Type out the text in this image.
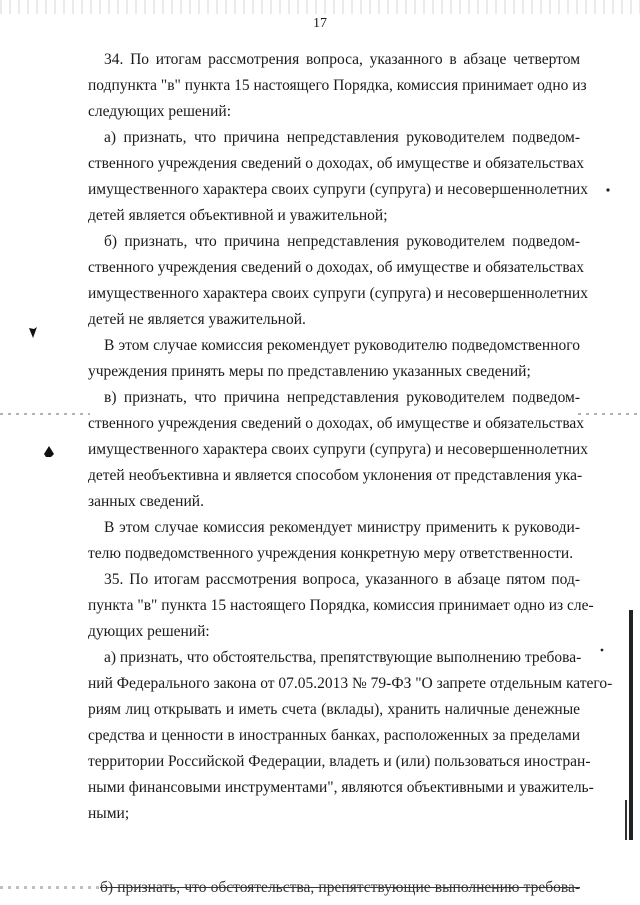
17
34. По итогам рассмотрения вопроса, указанного в абзаце четвертом
подпункта "в" пункта 15 настоящего Порядка, комиссия принимает одно из
следующих решений:
а) признать, что причина непредставления руководителем подведом-
ственного учреждения сведений о доходах, об имуществе и обязательствах
имущественного характера своих супруги (супруга) и несовершеннолетних
детей является объективной и уважительной;
б) признать, что причина непредставления руководителем подведом-
ственного учреждения сведений о доходах, об имуществе и обязательствах
имущественного характера своих супруги (супруга) и несовершеннолетних
детей не является уважительной.
В этом случае комиссия рекомендует руководителю подведомственного
учреждения принять меры по представлению указанных сведений;
в) признать, что причина непредставления руководителем подведом-
ственного учреждения сведений о доходах, об имуществе и обязательствах
имущественного характера своих супруги (супруга) и несовершеннолетних
детей необъективна и является способом уклонения от представления ука-
занных сведений.
В этом случае комиссия рекомендует министру применить к руководи-
телю подведомственного учреждения конкретную меру ответственности.
35. По итогам рассмотрения вопроса, указанного в абзаце пятом под-
пункта "в" пункта 15 настоящего Порядка, комиссия принимает одно из сле-
дующих решений:
а) признать, что обстоятельства, препятствующие выполнению требова-
ний Федерального закона от 07.05.2013 № 79-ФЗ "О запрете отдельным катего-
риям лиц открывать и иметь счета (вклады), хранить наличные денежные
средства и ценности в иностранных банках, расположенных за пределами
территории Российской Федерации, владеть и (или) пользоваться иностран-
ными финансовыми инструментами", являются объективными и уважитель-
ными;
б) признать, что обстоятельства, препятствующие выполнению требова-
